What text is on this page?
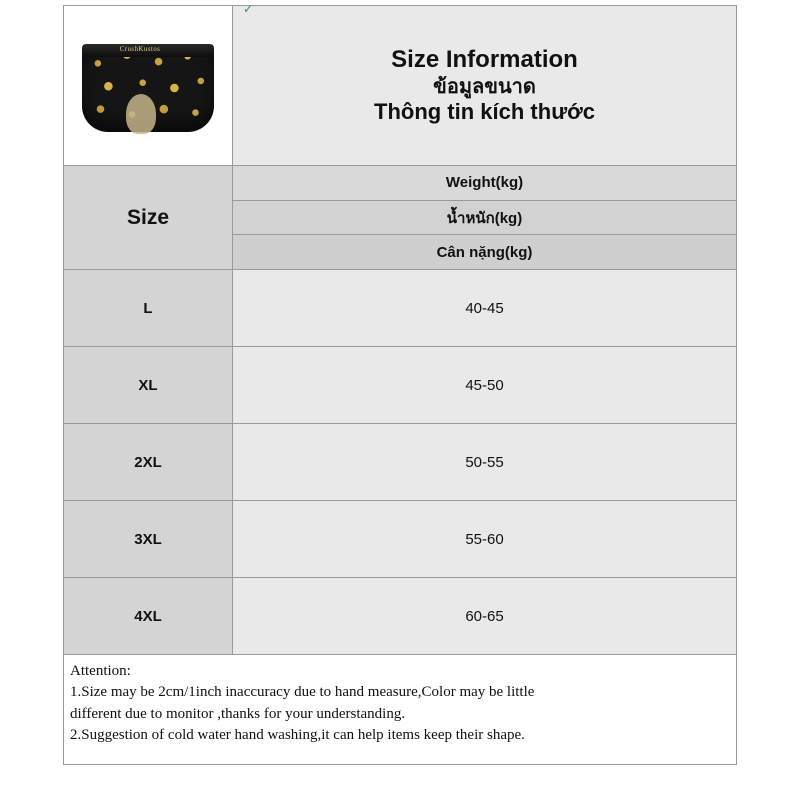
CrushKustos
✓
Size Information
ข้อมูลขนาด
Thông tin kích thước
Size
Weight(kg)
น้ำหนัก(kg)
Cân nặng(kg)
L	40-45
XL	45-50
2XL	50-55
3XL	55-60
4XL	60-65

Attention:

1.Size may be 2cm/1inch inaccuracy due to hand measure,Color may be little

different due to monitor ,thanks for your understanding.

2.Suggestion of cold water hand washing,it can help items keep their shape.
